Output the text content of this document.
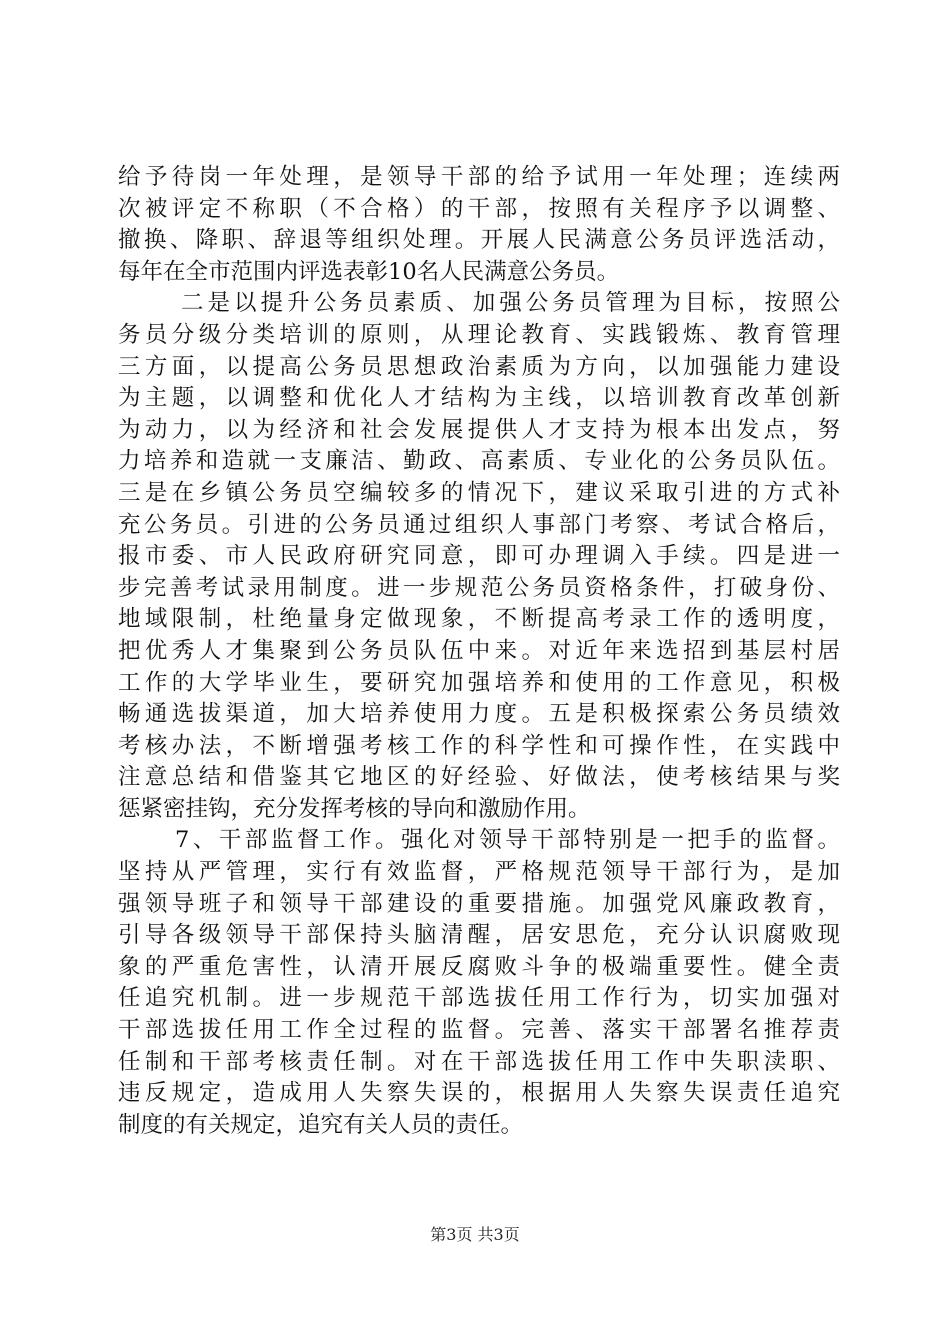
给予待岗一年处理，是领导干部的给予试用一年处理；连续两
次被评定不称职（不合格）的干部，按照有关程序予以调整、
撤换、降职、辞退等组织处理。开展人民满意公务员评选活动，
每年在全市范围内评选表彰10名人民满意公务员。
二是以提升公务员素质、加强公务员管理为目标，按照公
务员分级分类培训的原则，从理论教育、实践锻炼、教育管理
三方面，以提高公务员思想政治素质为方向，以加强能力建设
为主题，以调整和优化人才结构为主线，以培训教育改革创新
为动力，以为经济和社会发展提供人才支持为根本出发点，努
力培养和造就一支廉洁、勤政、高素质、专业化的公务员队伍。
三是在乡镇公务员空编较多的情况下，建议采取引进的方式补
充公务员。引进的公务员通过组织人事部门考察、考试合格后，
报市委、市人民政府研究同意，即可办理调入手续。四是进一
步完善考试录用制度。进一步规范公务员资格条件，打破身份、
地域限制，杜绝量身定做现象，不断提高考录工作的透明度，
把优秀人才集聚到公务员队伍中来。对近年来选招到基层村居
工作的大学毕业生，要研究加强培养和使用的工作意见，积极
畅通选拔渠道，加大培养使用力度。五是积极探索公务员绩效
考核办法，不断增强考核工作的科学性和可操作性，在实践中
注意总结和借鉴其它地区的好经验、好做法，使考核结果与奖
惩紧密挂钩，充分发挥考核的导向和激励作用。
7、干部监督工作。强化对领导干部特别是一把手的监督。
坚持从严管理，实行有效监督，严格规范领导干部行为，是加
强领导班子和领导干部建设的重要措施。加强党风廉政教育，
引导各级领导干部保持头脑清醒，居安思危，充分认识腐败现
象的严重危害性，认清开展反腐败斗争的极端重要性。健全责
任追究机制。进一步规范干部选拔任用工作行为，切实加强对
干部选拔任用工作全过程的监督。完善、落实干部署名推荐责
任制和干部考核责任制。对在干部选拔任用工作中失职渎职、
违反规定，造成用人失察失误的，根据用人失察失误责任追究
制度的有关规定，追究有关人员的责任。
第3页 共3页
